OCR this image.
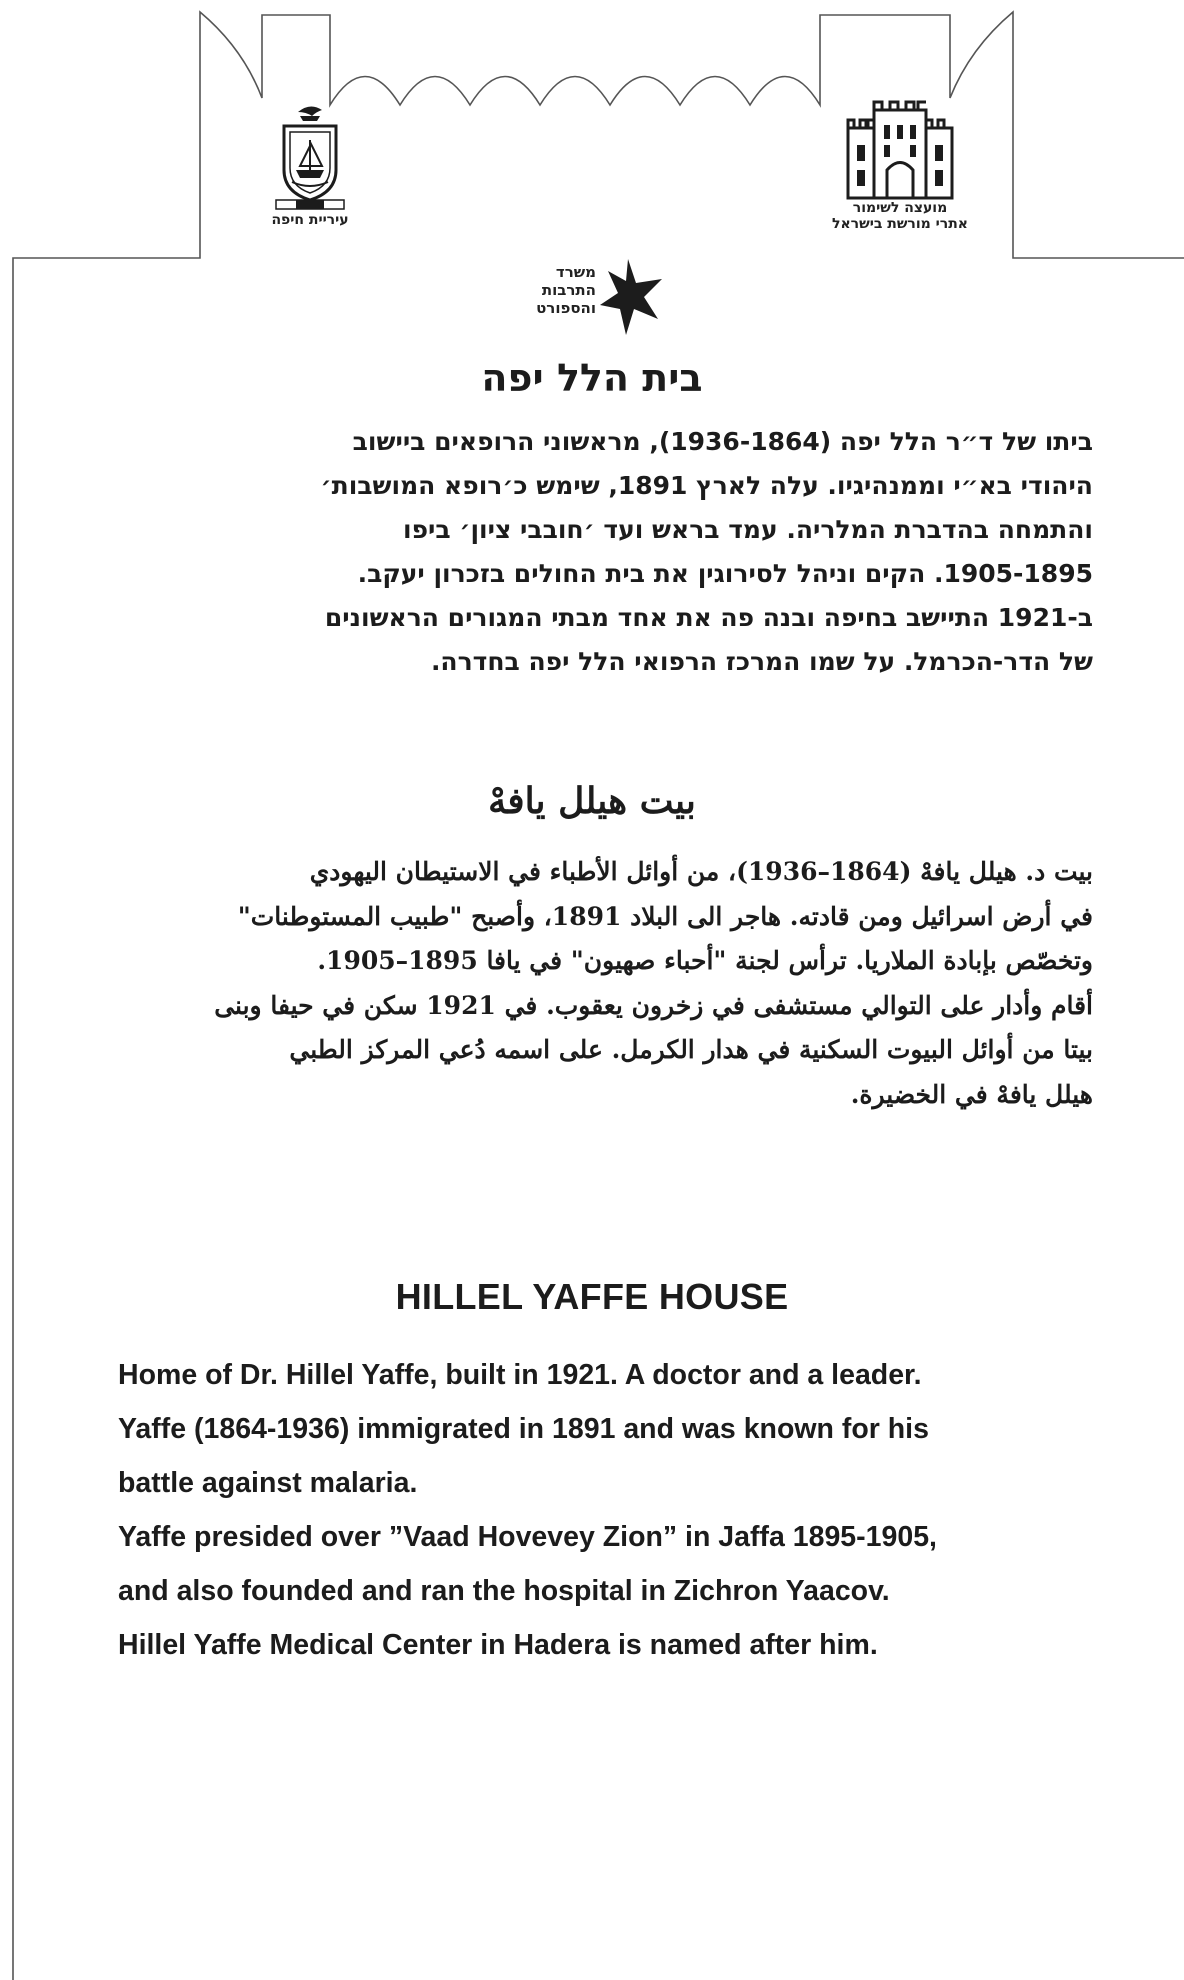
מועצה לשימור
אתרי מורשת בישראל
עיריית חיפה
משרד
התרבות
והספורט
בית הלל יפה
ביתו של ד״ר הלל יפה (1936-1864), מראשוני הרופאים ביישוב
היהודי בא״י וממנהיגיו. עלה לארץ 1891, שימש כ׳רופא המושבות׳
והתמחה בהדברת המלריה. עמד בראש ועד ׳חובבי ציון׳ ביפו
1905-1895. הקים וניהל לסירוגין את בית החולים בזכרון יעקב.
ב-1921 התיישב בחיפה ובנה פה את אחד מבתי המגורים הראשונים
של הדר-הכרמל. על שמו המרכז הרפואי הלל יפה בחדרה.
بيت هيلل يافهْ
بيت د. هيلل يافهْ (1864–1936)، من أوائل الأطباء في الاستيطان اليهودي
في أرض اسرائيل ومن قادته. هاجر الى البلاد 1891، وأصبح "طبيب المستوطنات"
وتخصّص بإبادة الملاريا. ترأس لجنة "أحباء صهيون" في يافا 1895–1905.
أقام وأدار على التوالي مستشفى في زخرون يعقوب. في 1921 سكن في حيفا وبنى
بيتا من أوائل البيوت السكنية في هدار الكرمل. على اسمه دُعي المركز الطبي
هيلل يافهْ في الخضيرة.
HILLEL YAFFE HOUSE
Home of Dr. Hillel Yaffe, built in 1921. A doctor and a leader.
Yaffe (1864-1936) immigrated in 1891 and was known for his
battle against malaria.
Yaffe presided over ”Vaad Hovevey Zion” in Jaffa 1895-1905,
and also founded and ran the hospital in Zichron Yaacov.
Hillel Yaffe Medical Center in Hadera is named after him.
